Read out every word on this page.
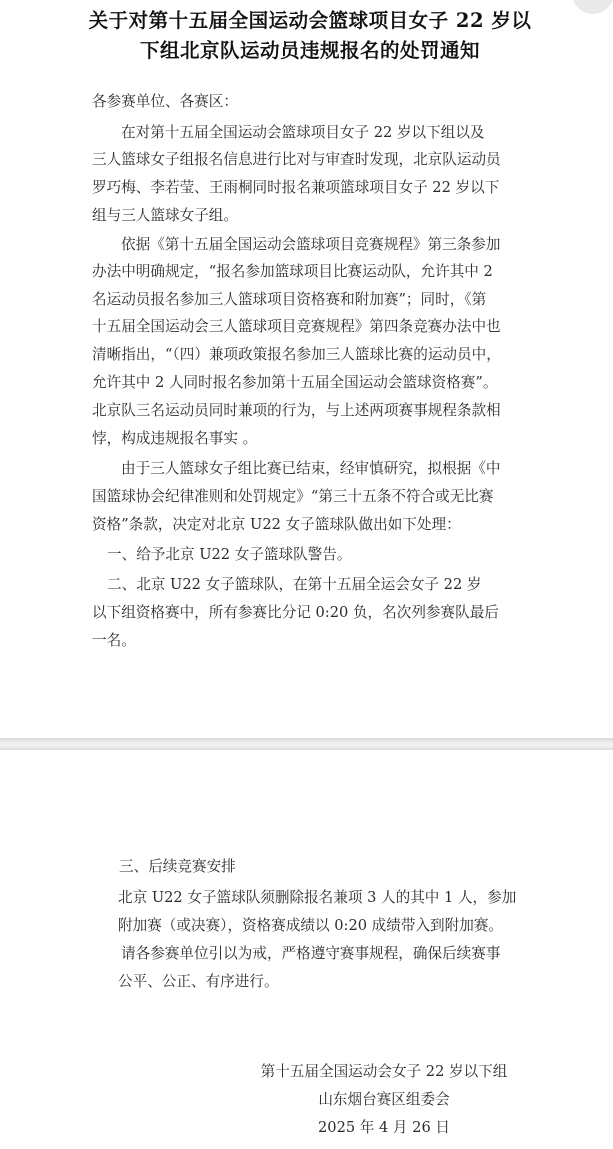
关于对第十五届全国运动会篮球项目女子 22 岁以
下组北京队运动员违规报名的处罚通知
各参赛单位、各赛区：
在对第十五届全国运动会篮球项目女子 22 岁以下组以及
三人篮球女子组报名信息进行比对与审查时发现，北京队运动员
罗巧梅、李若莹、王雨桐同时报名兼项篮球项目女子 22 岁以下
组与三人篮球女子组。
依据《第十五届全国运动会篮球项目竞赛规程》第三条参加
办法中明确规定，“报名参加篮球项目比赛运动队，允许其中 2
名运动员报名参加三人篮球项目资格赛和附加赛”；同时，《第
十五届全国运动会三人篮球项目竞赛规程》第四条竞赛办法中也
清晰指出，“（四）兼项政策报名参加三人篮球比赛的运动员中，
允许其中 2 人同时报名参加第十五届全国运动会篮球资格赛”。
北京队三名运动员同时兼项的行为，与上述两项赛事规程条款相
悖，构成违规报名事实 。
由于三人篮球女子组比赛已结束，经审慎研究，拟根据《中
国篮球协会纪律准则和处罚规定》“第三十五条不符合或无比赛
资格”条款，决定对北京 U22 女子篮球队做出如下处理：
一、给予北京 U22 女子篮球队警告。
二、北京 U22 女子篮球队，在第十五届全运会女子 22 岁
以下组资格赛中，所有参赛比分记 0:20 负，名次列参赛队最后
一名。
三、后续竞赛安排
北京 U22 女子篮球队须删除报名兼项 3 人的其中 1 人，参加
附加赛（或决赛），资格赛成绩以 0:20 成绩带入到附加赛。
请各参赛单位引以为戒，严格遵守赛事规程，确保后续赛事
公平、公正、有序进行。
第十五届全国运动会女子 22 岁以下组
山东烟台赛区组委会
2025 年 4 月 26 日
